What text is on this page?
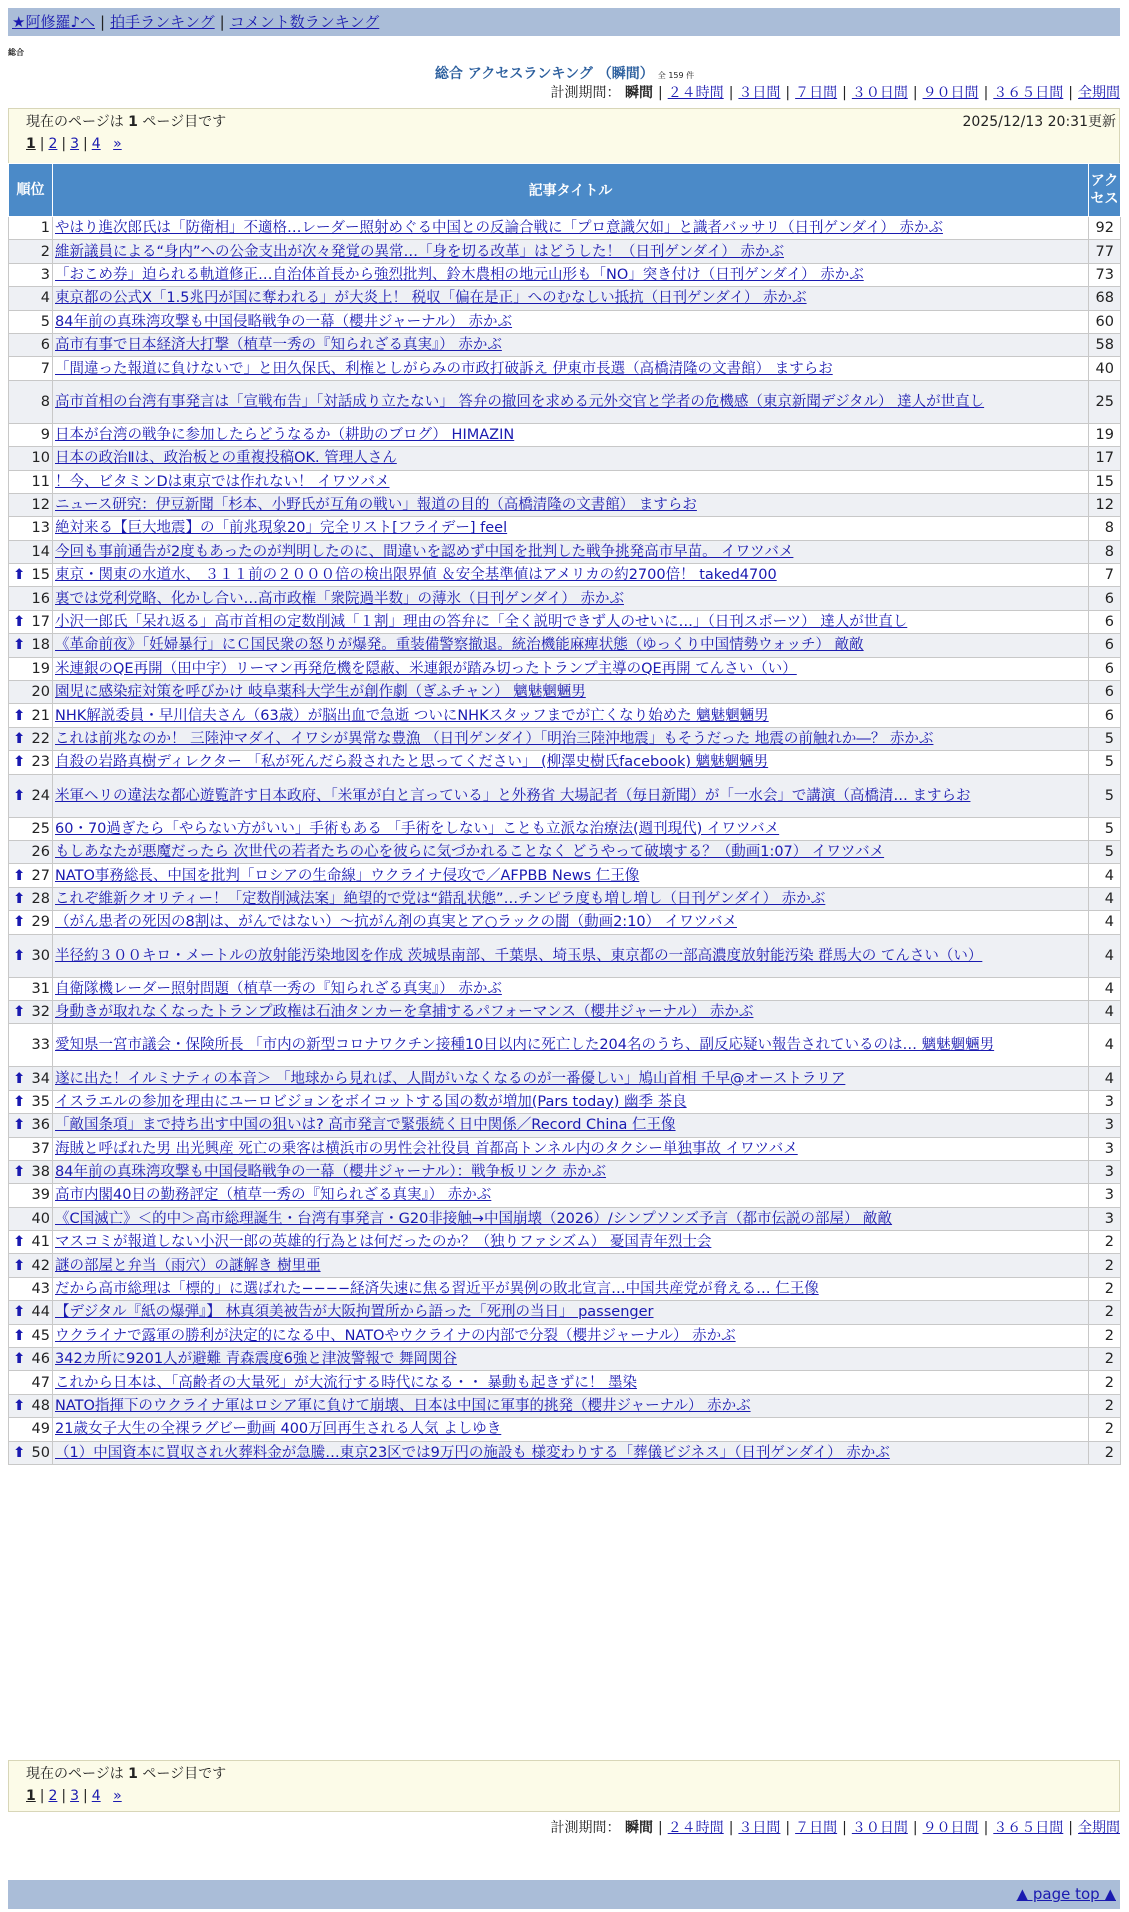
★阿修羅♪へ | 拍手ランキング | コメント数ランキング
総合
総合 アクセスランキング （瞬間） 全 159 件
計測期間： 瞬間 | ２４時間 | ３日間 | ７日間 | ３０日間 | ９０日間 | ３６５日間 | 全期間
現在のページは 1 ページ目です	2025/12/13 20:31更新
1 | 2 | 3 | 4 »
順位	記事タイトル	アクセス
1	やはり進次郎氏は「防衛相」不適格…レーダー照射めぐる中国との反論合戦に「プロ意識欠如」と識者バッサリ（日刊ゲンダイ） 赤かぶ	92
2	維新議員による“身内”への公金支出が次々発覚の異常…「身を切る改革」はどうした！（日刊ゲンダイ） 赤かぶ	77
3	「おこめ券」迫られる軌道修正…自治体首長から強烈批判、鈴木農相の地元山形も「NO」突き付け（日刊ゲンダイ） 赤かぶ	73
4	東京都の公式X「1.5兆円が国に奪われる」が大炎上！ 税収「偏在是正」へのむなしい抵抗（日刊ゲンダイ） 赤かぶ	68
5	84年前の真珠湾攻撃も中国侵略戦争の一幕（櫻井ジャーナル） 赤かぶ	60
6	高市有事で日本経済大打撃（植草一秀の『知られざる真実』） 赤かぶ	58
7	「間違った報道に負けないで」と田久保氏、利権としがらみの市政打破訴え 伊東市長選（高橋清隆の文書館） ますらお	40
8	高市首相の台湾有事発言は「宣戦布告」「対話成り立たない」 答弁の撤回を求める元外交官と学者の危機感（東京新聞デジタル） 達人が世直し	25
9	日本が台湾の戦争に参加したらどうなるか（耕助のブログ） HIMAZIN	19
10	日本の政治Ⅱは、政治板との重複投稿OK. 管理人さん	17
11	！今、ビタミンDは東京では作れない！ イワツバメ	15
12	ニュース研究：伊豆新聞「杉本、小野氏が互角の戦い」報道の目的（高橋清隆の文書館） ますらお	12
13	絶対来る【巨大地震】の「前兆現象20」完全リスト[フライデー] feel	8
14	今回も事前通告が2度もあったのが判明したのに、間違いを認めず中国を批判した戦争挑発高市早苗。 イワツバメ	8

⬆ 15	東京・関東の水道水、 ３１１前の２０００倍の検出限界値 ＆安全基準値はアメリカの約2700倍！ taked4700	7
16	裏では党利党略、化かし合い…高市政権「衆院過半数」の薄氷（日刊ゲンダイ） 赤かぶ	6

⬆ 17	小沢一郎氏「呆れ返る」高市首相の定数削減「１割」理由の答弁に「全く説明できず人のせいに…」（日刊スポーツ） 達人が世直し	6

⬆ 18	《革命前夜》「妊婦暴行」にＣ国民衆の怒りが爆発。重装備警察撤退。統治機能麻痺状態（ゆっくり中国情勢ウォッチ） 敵敵	6
19	米連銀のQE再開（田中宇）リーマン再発危機を隠蔽、米連銀が踏み切ったトランプ主導のQE再開 てんさい（い）	6
20	園児に感染症対策を呼びかけ 岐阜薬科大学生が創作劇（ぎふチャン） 魑魅魍魎男	6

⬆ 21	NHK解説委員・早川信夫さん（63歳）が脳出血で急逝 ついにNHKスタッフまでが亡くなり始めた 魑魅魍魎男	6

⬆ 22	これは前兆なのか！ 三陸沖マダイ、イワシが異常な豊漁 （日刊ゲンダイ）「明治三陸沖地震」もそうだった 地震の前触れか―？ 赤かぶ	5

⬆ 23	自殺の岩路真樹ディレクター 「私が死んだら殺されたと思ってください」 (柳澤史樹氏facebook) 魑魅魍魎男	5

⬆ 24	米軍ヘリの違法な都心遊覧許す日本政府、「米軍が白と言っている」と外務省 大場記者（毎日新聞）が「一水会」で講演（高橋清… ますらお	5
25	60・70過ぎたら「やらない方がいい」手術もある 「手術をしない」ことも立派な治療法(週刊現代) イワツバメ	5
26	もしあなたが悪魔だったら 次世代の若者たちの心を彼らに気づかれることなく どうやって破壊する？（動画1:07） イワツバメ	5

⬆ 27	NATO事務総長、中国を批判「ロシアの生命線」ウクライナ侵攻で／AFPBB News 仁王像	4

⬆ 28	これぞ維新クオリティー！「定数削減法案」絶望的で党は“錯乱状態”…チンピラ度も増し増し（日刊ゲンダイ） 赤かぶ	4

⬆ 29	（がん患者の死因の8割は、がんではない）～抗がん剤の真実とア○ラックの闇（動画2:10） イワツバメ	4

⬆ 30	半径約３００キロ・メートルの放射能汚染地図を作成 茨城県南部、千葉県、埼玉県、東京都の一部高濃度放射能汚染 群馬大の てんさい（い）	4
31	自衛隊機レーダー照射問題（植草一秀の『知られざる真実』） 赤かぶ	4

⬆ 32	身動きが取れなくなったトランプ政権は石油タンカーを拿捕するパフォーマンス（櫻井ジャーナル） 赤かぶ	4
33	愛知県一宮市議会・保険所長 「市内の新型コロナワクチン接種10日以内に死亡した204名のうち、副反応疑い報告されているのは… 魑魅魍魎男	4

⬆ 34	遂に出た！イルミナティの本音＞ 「地球から見れば、人間がいなくなるのが一番優しい」鳩山首相 千早@オーストラリア	4

⬆ 35	イスラエルの参加を理由にユーロビジョンをボイコットする国の数が増加(Pars today) 幽季 茶良	3

⬆ 36	「敵国条項」まで持ち出す中国の狙いは? 高市発言で緊張続く日中関係／Record China 仁王像	3
37	海賊と呼ばれた男 出光興産 死亡の乗客は横浜市の男性会社役員 首都高トンネル内のタクシー単独事故 イワツバメ	3

⬆ 38	84年前の真珠湾攻撃も中国侵略戦争の一幕（櫻井ジャーナル）：戦争板リンク 赤かぶ	3
39	高市内閣40日の勤務評定（植草一秀の『知られざる真実』） 赤かぶ	3
40	《C国滅亡》＜的中＞高市総理誕生・台湾有事発言・G20非接触→中国崩壊（2026）/シンプソンズ予言（都市伝説の部屋） 敵敵	3

⬆ 41	マスコミが報道しない小沢一郎の英雄的行為とは何だったのか？（独りファシズム） 憂国青年烈士会	2

⬆ 42	謎の部屋と弁当（雨穴）の謎解き 樹里亜	2
43	だから高市総理は「標的」に選ばれた−−−−経済失速に焦る習近平が異例の敗北宣言…中国共産党が脅える… 仁王像	2

⬆ 44	【デジタル『紙の爆弾』】 林真須美被告が大阪拘置所から語った「死刑の当日」 passenger	2

⬆ 45	ウクライナで露軍の勝利が決定的になる中、NATOやウクライナの内部で分裂（櫻井ジャーナル） 赤かぶ	2

⬆ 46	342カ所に9201人が避難 青森震度6強と津波警報で 舞岡関谷	2
47	これから日本は、「高齢者の大量死」が大流行する時代になる・・ 暴動も起きずに！ 墨染	2

⬆ 48	NATO指揮下のウクライナ軍はロシア軍に負けて崩壊、日本は中国に軍事的挑発（櫻井ジャーナル） 赤かぶ	2
49	21歳女子大生の全裸ラグビー動画 400万回再生される人気 よしゆき	2

⬆ 50	（1）中国資本に買収され火葬料金が急騰…東京23区では9万円の施設も 様変わりする「葬儀ビジネス」（日刊ゲンダイ） 赤かぶ	2
現在のページは 1 ページ目です
1 | 2 | 3 | 4 »
計測期間： 瞬間 | ２４時間 | ３日間 | ７日間 | ３０日間 | ９０日間 | ３６５日間 | 全期間
▲ page top ▲
